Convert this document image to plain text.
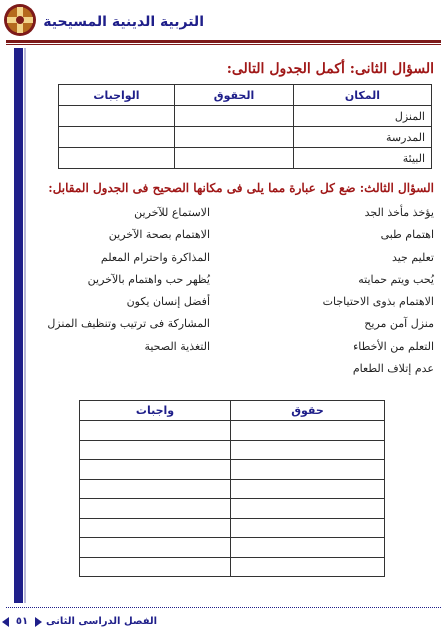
التربية الدينية المسيحية
السؤال الثانى: أكمل الجدول التالى:
المكان	الحقوق	الواجبات
المنزل		
المدرسة		
البيئة		
السؤال الثالث: ضع كل عبارة مما يلى فى مكانها الصحيح فى الجدول المقابل:
يؤخذ مأخذ الجد
اهتمام طبى
تعليم جيد
يُحب ويتم حمايته
الاهتمام بذوى الاحتياجات
منزل آمن مريح
التعلم من الأخطاء
عدم إتلاف الطعام
الاستماع للآخرين
الاهتمام بصحة الآخرين
المذاكرة واحترام المعلم
يُظهر حب واهتمام بالآخرين
أفضل إنسان يكون
المشاركة فى ترتيب وتنظيف المنزل
التغذية الصحية
حقوق	واجبات

٥١	الفصل الدراسى الثانى
